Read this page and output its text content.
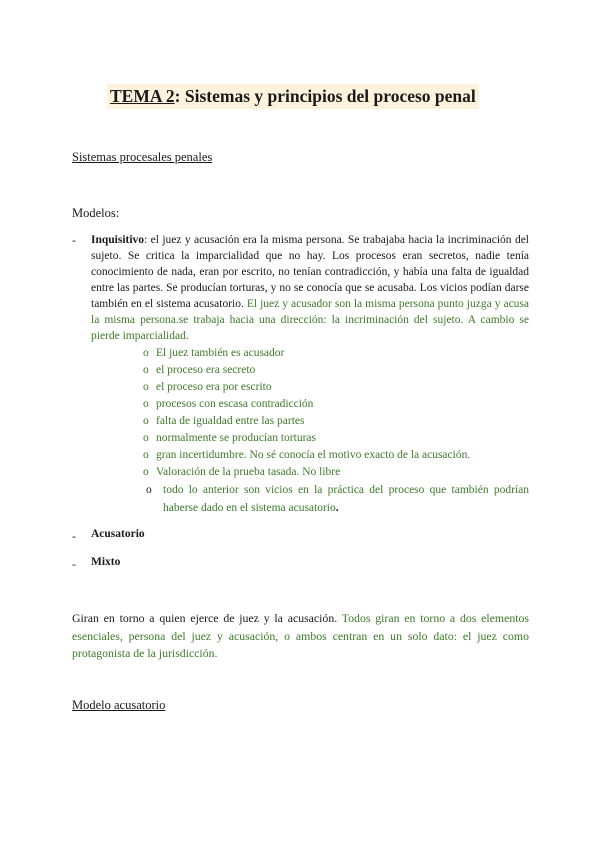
TEMA 2: Sistemas y principios del proceso penal
Sistemas procesales penales
Modelos:
- Inquisitivo: el juez y acusación era la misma persona. Se trabajaba hacia la incriminación del sujeto. Se critica la imparcialidad que no hay. Los procesos eran secretos, nadie tenía conocimiento de nada, eran por escrito, no tenían contradicción, y había una falta de igualdad entre las partes. Se producían torturas, y no se conocía que se acusaba. Los vicios podían darse también en el sistema acusatorio. El juez y acusador son la misma persona punto juzga y acusa la misma persona.se trabaja hacia una dirección: la incriminación del sujeto. A cambio se pierde imparcialidad.
o El juez también es acusador
o el proceso era secreto
o el proceso era por escrito
o procesos con escasa contradicción
o falta de igualdad entre las partes
o normalmente se producían torturas
o gran incertidumbre. No sé conocía el motivo exacto de la acusación.
o Valoración de la prueba tasada. No libre
o todo lo anterior son vicios en la práctica del proceso que también podrían haberse dado en el sistema acusatorio.
- Acusatorio
- Mixto
Giran en torno a quien ejerce de juez y la acusación. Todos giran en torno a dos elementos esenciales, persona del juez y acusación, o ambos centran en un solo dato: el juez como protagonista de la jurisdicción.
Modelo acusatorio
